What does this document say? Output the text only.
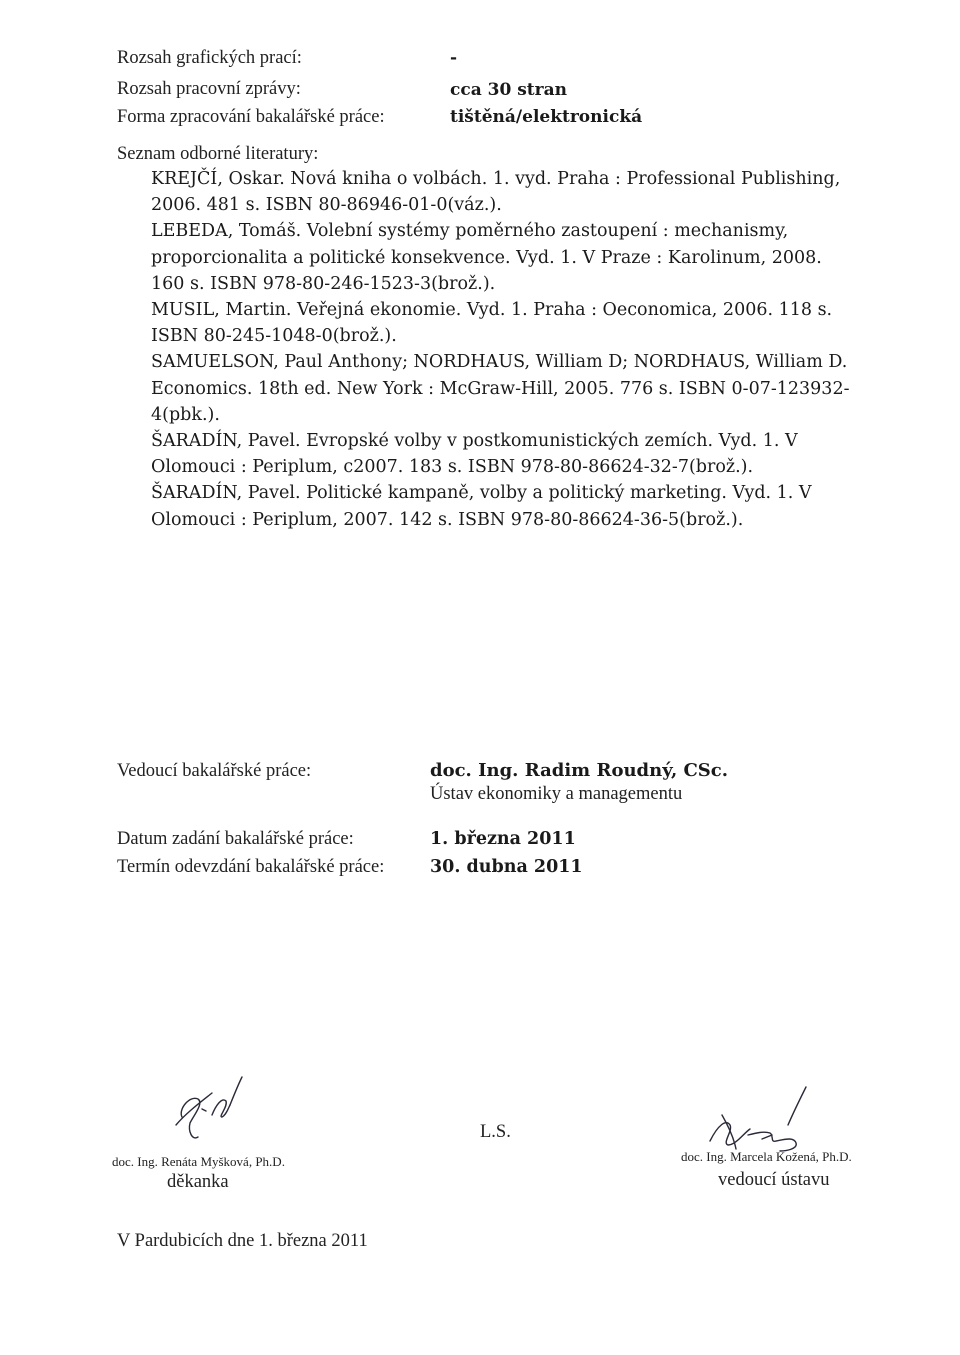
Rozsah grafických prací:	-
Rozsah pracovní zprávy:	cca 30 stran
Forma zpracování bakalářské práce:	tištěná/elektronická
Seznam odborné literatury:

KREJČÍ, Oskar. Nová kniha o volbách. 1. vyd. Praha : Professional Publishing, 2006. 481 s. ISBN 80-86946-01-0(váz.).

LEBEDA, Tomáš. Volební systémy poměrného zastoupení : mechanismy, proporcionalita a politické konsekvence. Vyd. 1. V Praze : Karolinum, 2008. 160 s. ISBN 978-80-246-1523-3(brož.).

MUSIL, Martin. Veřejná ekonomie. Vyd. 1. Praha : Oeconomica, 2006. 118 s. ISBN 80-245-1048-0(brož.).

SAMUELSON, Paul Anthony; NORDHAUS, William D; NORDHAUS, William D. Economics. 18th ed. New York : McGraw-Hill, 2005. 776 s. ISBN 0-07-123932-4(pbk.).

ŠARADÍN, Pavel. Evropské volby v postkomunistických zemích. Vyd. 1. V Olomouci : Periplum, c2007. 183 s. ISBN 978-80-86624-32-7(brož.).

ŠARADÍN, Pavel. Politické kampaně, volby a politický marketing. Vyd. 1. V Olomouci : Periplum, 2007. 142 s. ISBN 978-80-86624-36-5(brož.).

Vedoucí bakalářské práce:	doc. Ing. Radim Roudný, CSc.
Ústav ekonomiky a managementu
Datum zadání bakalářské práce:	1. března 2011
Termín odevzdání bakalářské práce:	30. dubna 2011
doc. Ing. Renáta Myšková, Ph.D.
děkanka
L.S.
doc. Ing. Marcela Kožená, Ph.D.
vedoucí ústavu
V Pardubicích dne 1. března 2011
